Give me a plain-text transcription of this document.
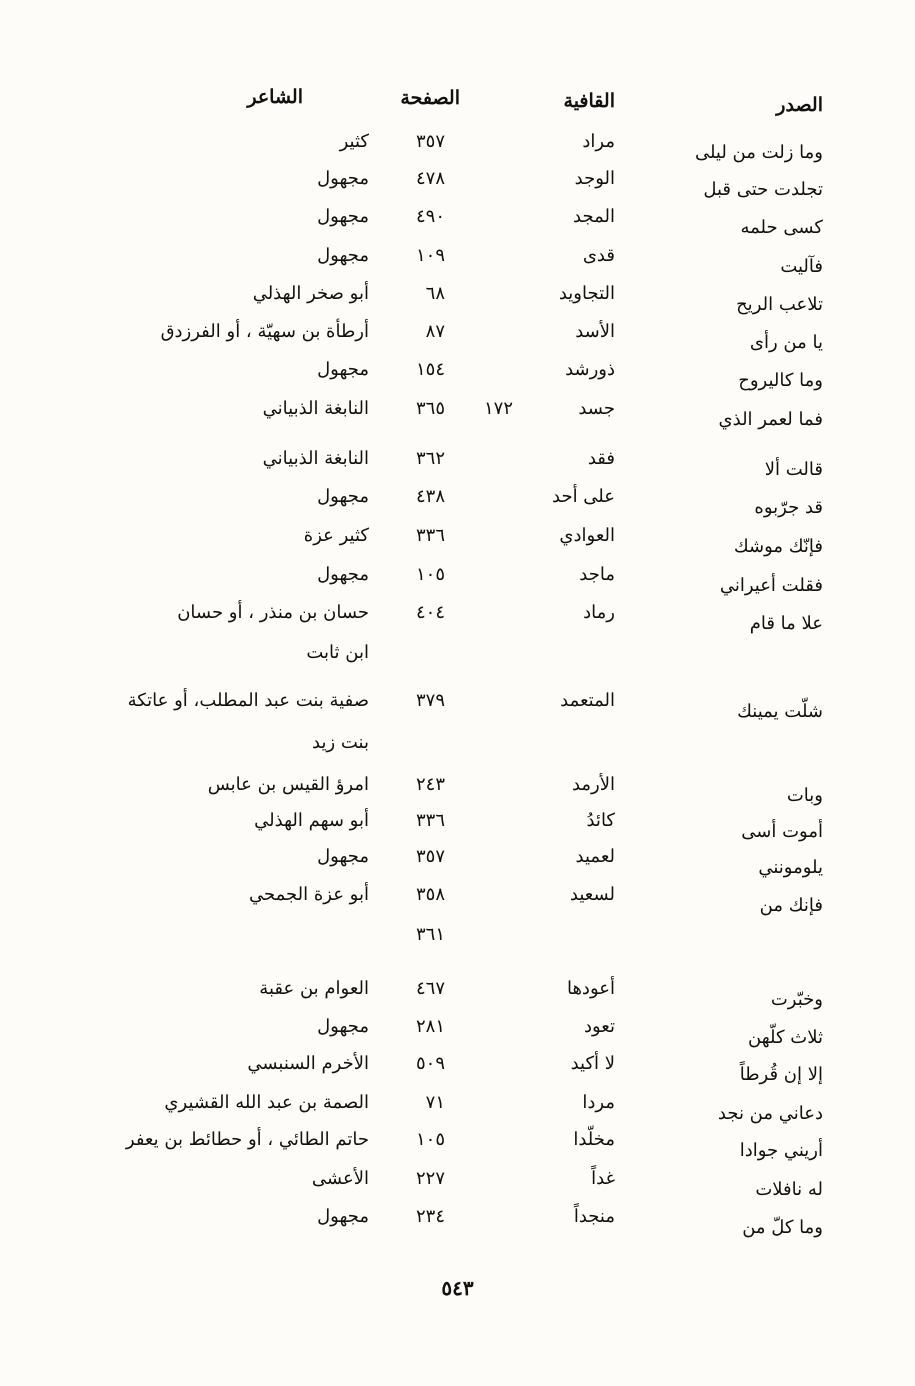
الصدر
القافية
الصفحة
الشاعر
وما زلت من ليلى
مراد
٣٥٧
كثير
تجلدت حتى قبل
الوجد
٤٧٨
مجهول
كسى حلمه
المجد
٤٩٠
مجهول
فآليت
قدى
١٠٩
مجهول
تلاعب الريح
التجاويد
٦٨
أبو صخر الهذلي
يا من رأى
الأسد
٨٧
أرطأة بن سهيّة ، أو الفرزدق
وما كاليروح
ذورشد
١٥٤
مجهول
فما لعمر الذي
جسد
١٧٢
٣٦٥
النابغة الذبياني
قالت ألا
فقد
٣٦٢
النابغة الذبياني
قد جرّبوه
على أحد
٤٣٨
مجهول
فإنّك موشك
العوادي
٣٣٦
كثير عزة
فقلت أعيراني
ماجد
١٠٥
مجهول
علا ما قام
رماد
٤٠٤
حسان بن منذر ، أو حسان
ابن ثابت
شلّت يمينك
المتعمد
٣٧٩
صفية بنت عبد المطلب، أو عاتكة
بنت زيد
وبات
الأرمد
٢٤٣
امرؤ القيس بن عابس
أموت أسى
كائدُ
٣٣٦
أبو سهم الهذلي
يلومونني
لعميد
٣٥٧
مجهول
فإنك من
لسعيد
٣٥٨
أبو عزة الجمحي
٣٦١
وخبّرت
أعودها
٤٦٧
العوام بن عقبة
ثلاث كلّهن
تعود
٢٨١
مجهول
إلا إن قُرطاً
لا أكيد
٥٠٩
الأخرم السنبسي
دعاني من نجد
مردا
٧١
الصمة بن عبد الله القشيري
أريني جوادا
مخلّدا
١٠٥
حاتم الطائي ، أو حطائط بن يعفر
له نافلات
غداً
٢٢٧
الأعشى
وما كلّ من
منجداً
٢٣٤
مجهول
٥٤٣
